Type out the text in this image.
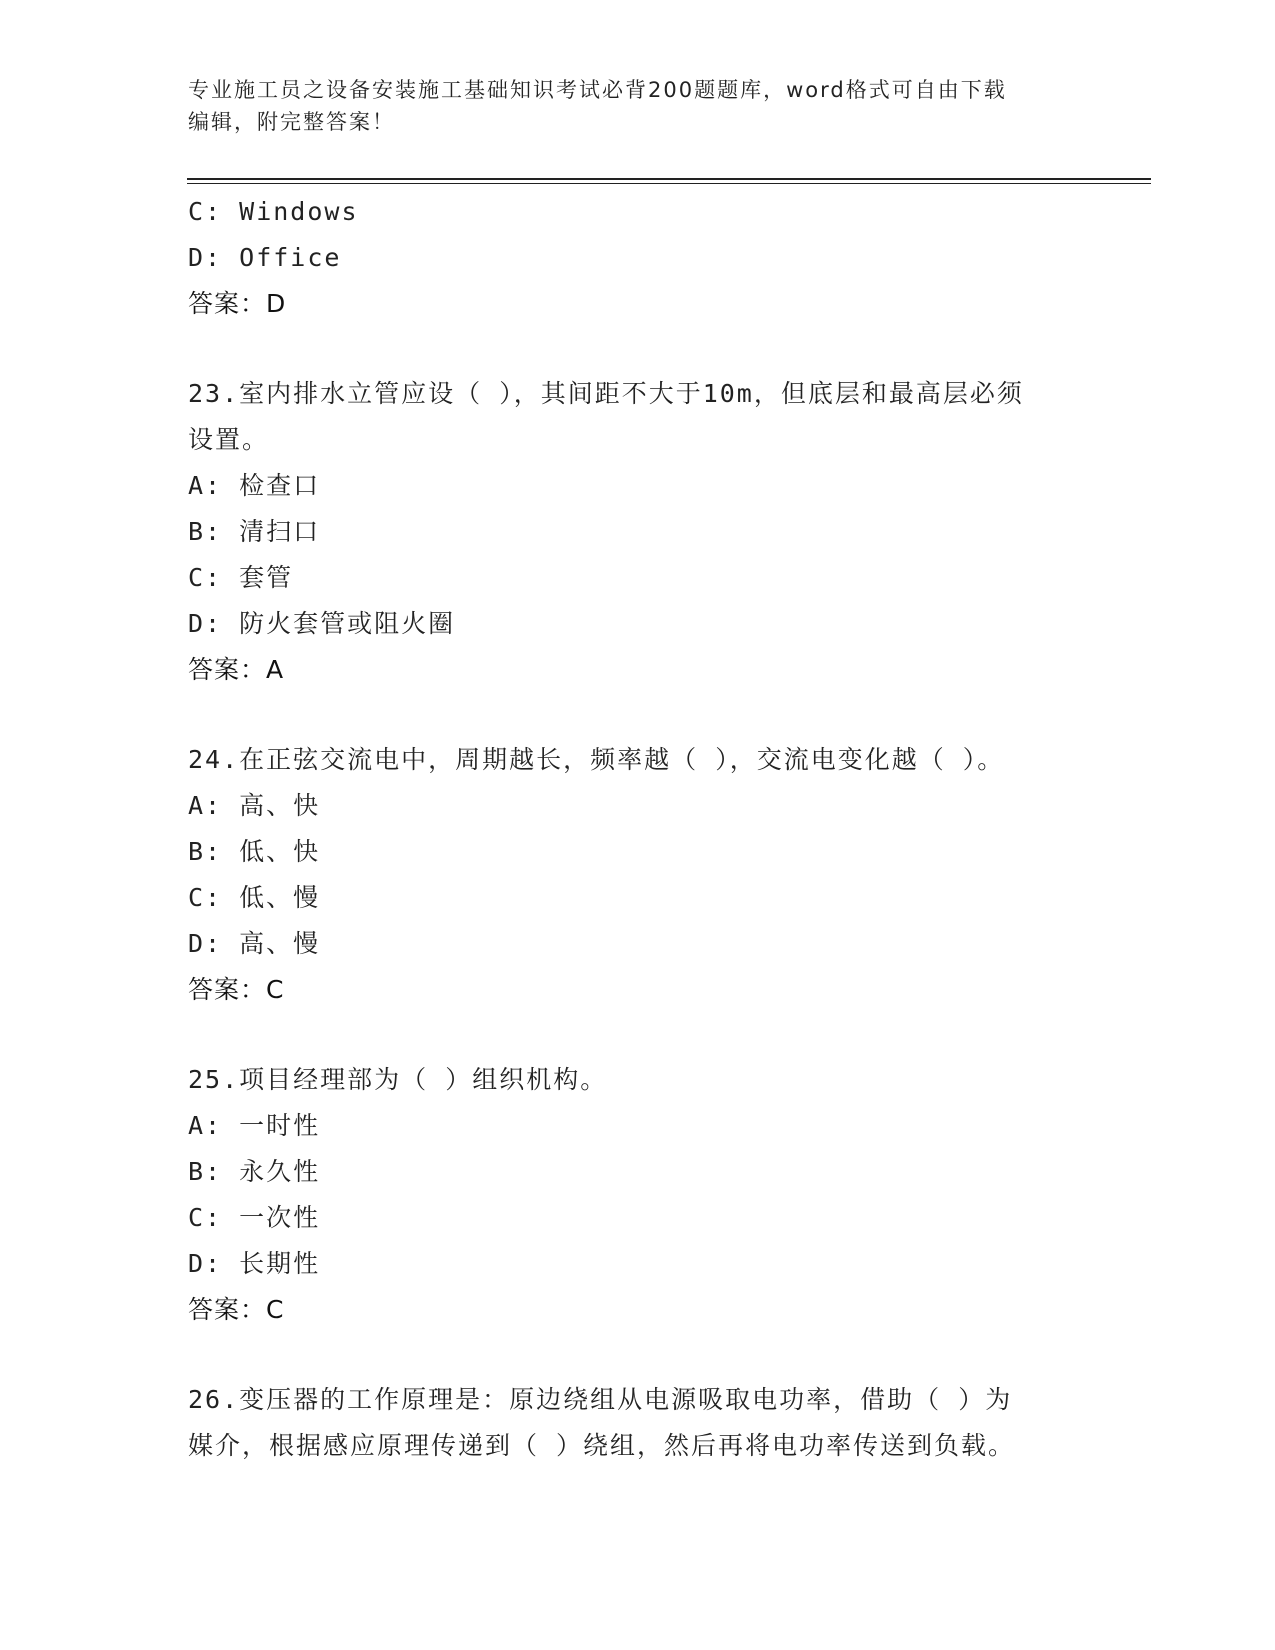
专业施工员之设备安装施工基础知识考试必背200题题库，word格式可自由下载
编辑，附完整答案！
C: Windows
D: Office
答案：D
23.室内排水立管应设（ ），其间距不大于10m，但底层和最高层必须
设置。
A: 检查口
B: 清扫口
C: 套管
D: 防火套管或阻火圈
答案：A
24.在正弦交流电中，周期越长，频率越（ ），交流电变化越（ ）。
A: 高、快
B: 低、快
C: 低、慢
D: 高、慢
答案：C
25.项目经理部为（ ）组织机构。
A: 一时性
B: 永久性
C: 一次性
D: 长期性
答案：C
26.变压器的工作原理是：原边绕组从电源吸取电功率，借助（ ）为
媒介，根据感应原理传递到（ ）绕组，然后再将电功率传送到负载。
